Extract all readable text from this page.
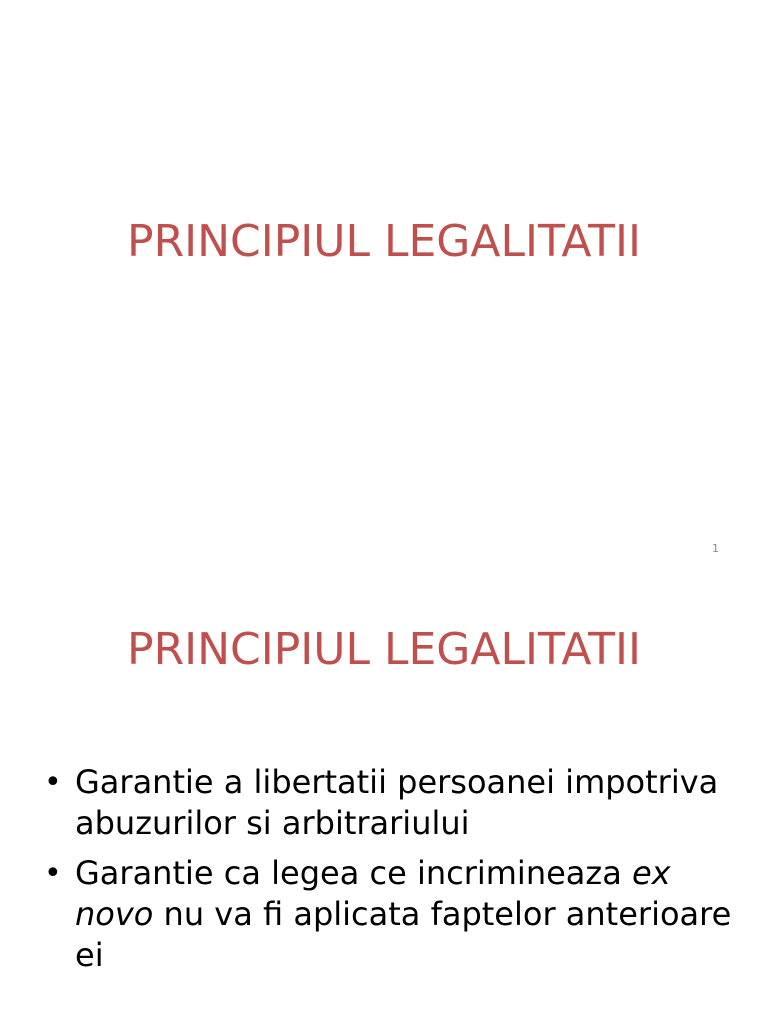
PRINCIPIUL LEGALITATII
1
PRINCIPIUL LEGALITATII
• Garantie a libertatii persoanei impotriva abuzurilor si arbitrariului
• Garantie ca legea ce incrimineaza ex novo nu va fi aplicata faptelor anterioare ei
